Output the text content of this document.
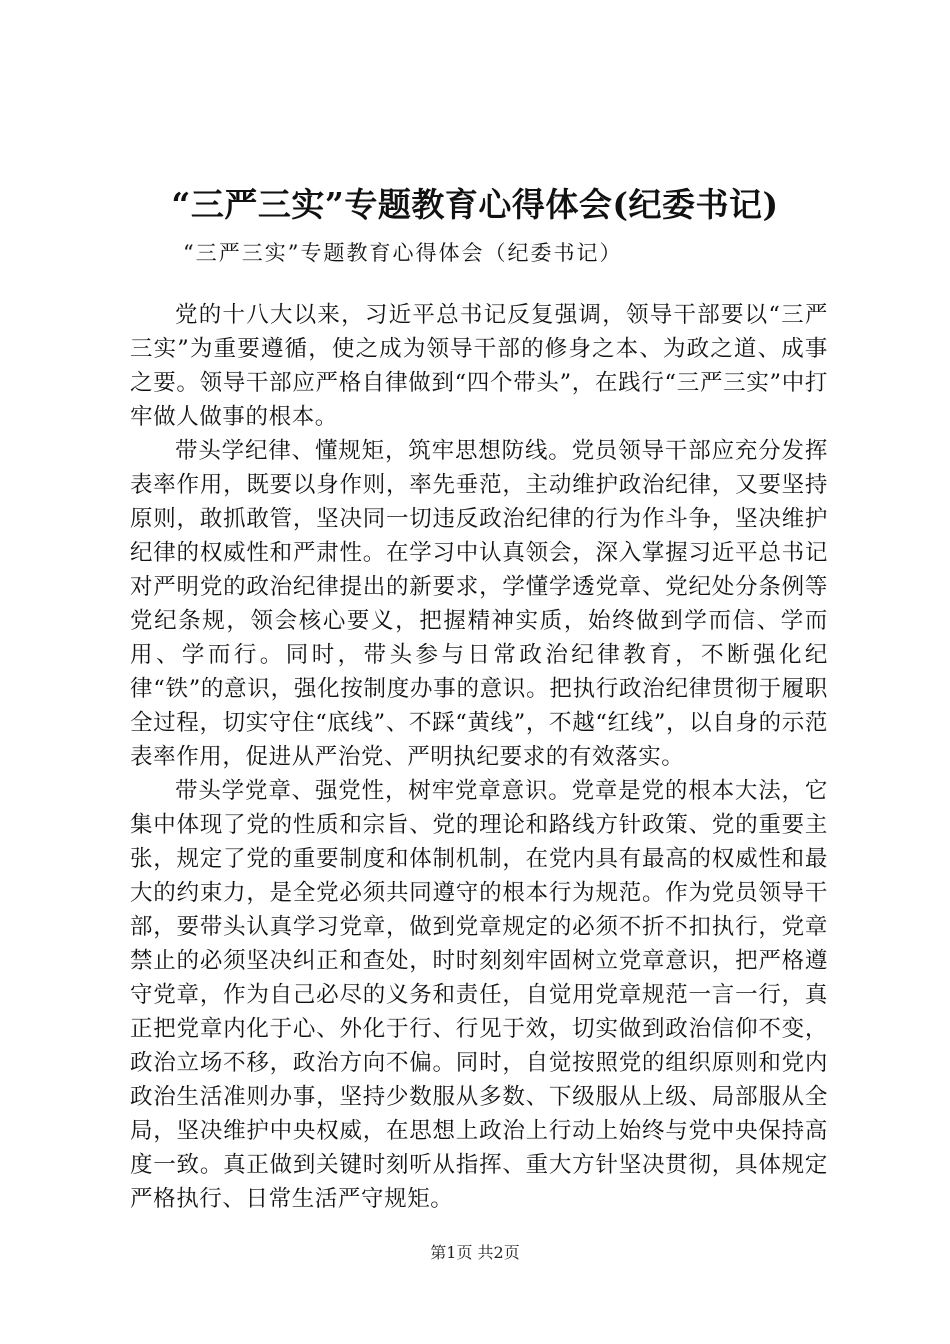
“三严三实”专题教育心得体会(纪委书记)
“三严三实”专题教育心得体会（纪委书记）

党的十八大以来，习近平总书记反复强调，领导干部要以“三严三实”为重要遵循，使之成为领导干部的修身之本、为政之道、成事之要。领导干部应严格自律做到“四个带头”，在践行“三严三实”中打牢做人做事的根本。

带头学纪律、懂规矩，筑牢思想防线。党员领导干部应充分发挥表率作用，既要以身作则，率先垂范，主动维护政治纪律，又要坚持原则，敢抓敢管，坚决同一切违反政治纪律的行为作斗争，坚决维护纪律的权威性和严肃性。在学习中认真领会，深入掌握习近平总书记对严明党的政治纪律提出的新要求，学懂学透党章、党纪处分条例等党纪条规，领会核心要义，把握精神实质，始终做到学而信、学而用、学而行。同时，带头参与日常政治纪律教育，不断强化纪律“铁”的意识，强化按制度办事的意识。把执行政治纪律贯彻于履职全过程，切实守住“底线”、不踩“黄线”，不越“红线”，以自身的示范表率作用，促进从严治党、严明执纪要求的有效落实。

带头学党章、强党性，树牢党章意识。党章是党的根本大法，它集中体现了党的性质和宗旨、党的理论和路线方针政策、党的重要主张，规定了党的重要制度和体制机制，在党内具有最高的权威性和最大的约束力，是全党必须共同遵守的根本行为规范。作为党员领导干部，要带头认真学习党章，做到党章规定的必须不折不扣执行，党章禁止的必须坚决纠正和查处，时时刻刻牢固树立党章意识，把严格遵守党章，作为自己必尽的义务和责任，自觉用党章规范一言一行，真正把党章内化于心、外化于行、行见于效，切实做到政治信仰不变，政治立场不移，政治方向不偏。同时，自觉按照党的组织原则和党内政治生活准则办事，坚持少数服从多数、下级服从上级、局部服从全局，坚决维护中央权威，在思想上政治上行动上始终与党中央保持高度一致。真正做到关键时刻听从指挥、重大方针坚决贯彻，具体规定严格执行、日常生活严守规矩。

第1页 共2页
